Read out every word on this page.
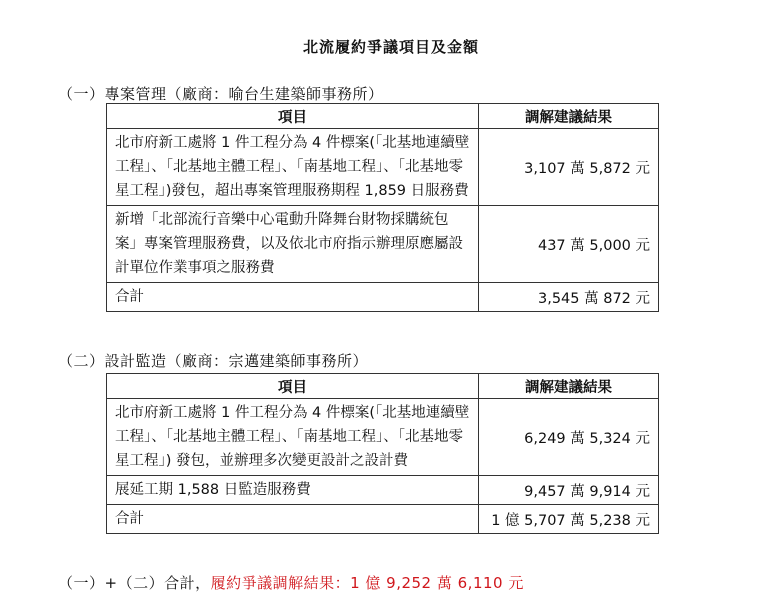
北流履約爭議項目及金額
（一）專案管理（廠商：喻台生建築師事務所）
項目	調解建議結果
北市府新工處將 1 件工程分為 4 件標案(「北基地連續壁工程」、「北基地主體工程」、「南基地工程」、「北基地零星工程」)發包，超出專案管理服務期程 1,859 日服務費	3,107 萬 5,872 元
新增「北部流行音樂中心電動升降舞台財物採購統包案」專案管理服務費，以及依北市府指示辦理原應屬設計單位作業事項之服務費	437 萬 5,000 元
合計	3,545 萬 872 元
（二）設計監造（廠商：宗邁建築師事務所）
項目	調解建議結果
北市府新工處將 1 件工程分為 4 件標案(「北基地連續壁工程」、「北基地主體工程」、「南基地工程」、「北基地零星工程」) 發包，並辦理多次變更設計之設計費	6,249 萬 5,324 元
展延工期 1,588 日監造服務費	9,457 萬 9,914 元
合計	1 億 5,707 萬 5,238 元
（一）+（二）合計，履約爭議調解結果：1 億 9,252 萬 6,110 元
